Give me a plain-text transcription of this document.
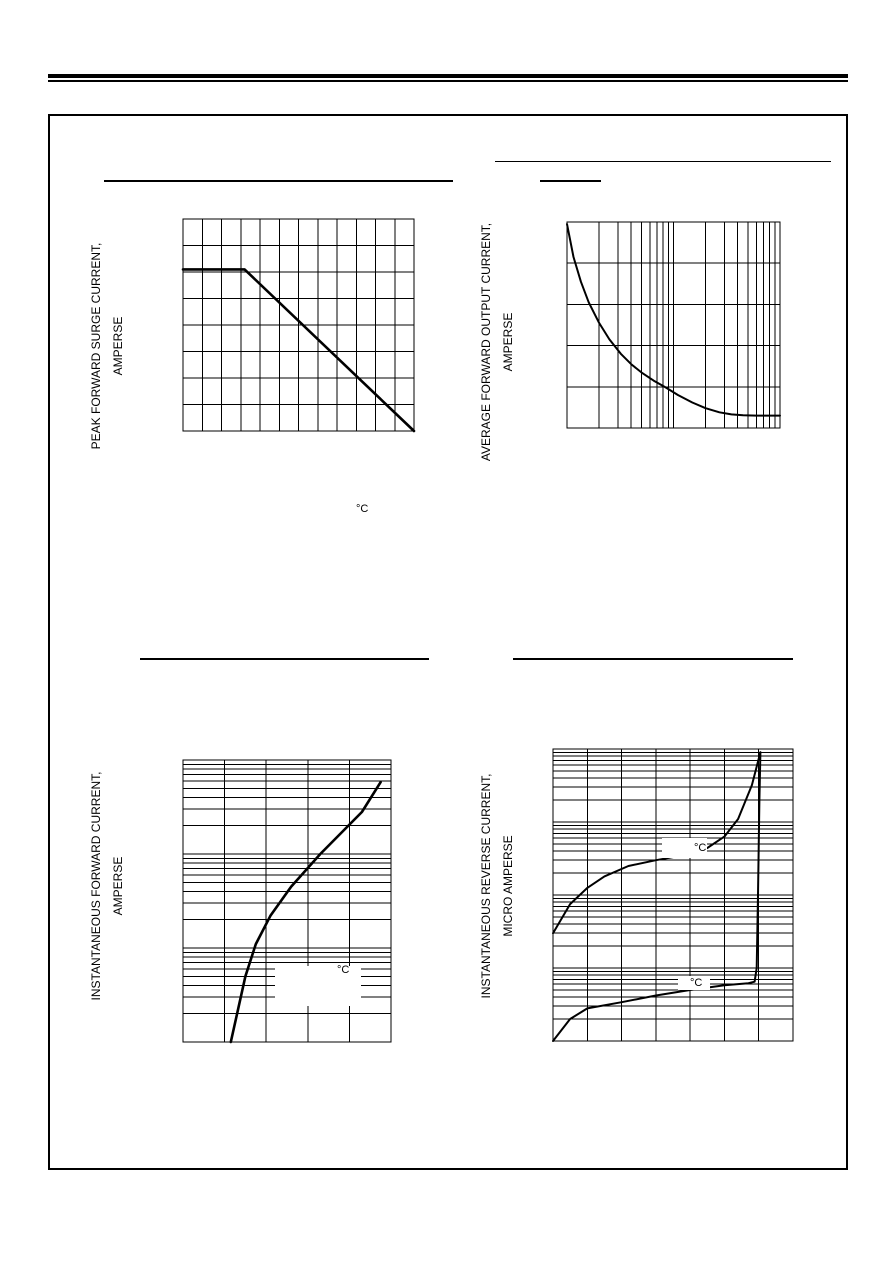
PEAK FORWARD SURGE CURRENT, AMPERSE	AVERAGE FORWARD OUTPUT CURRENT, AMPERSE
INSTANTANEOUS FORWARD CURRENT, AMPERSE	INSTANTANEOUS REVERSE CURRENT, MICRO AMPERSE
°C
°C
°C
°C
